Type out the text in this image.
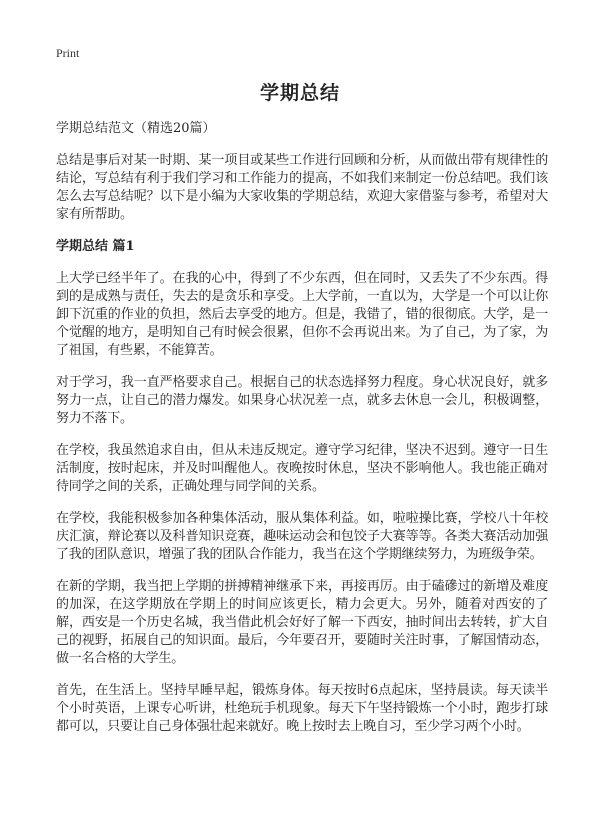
Print
学期总结

学期总结范文（精选20篇）

总结是事后对某一时期、某一项目或某些工作进行回顾和分析，从而做出带有规律性的结论，写总结有利于我们学习和工作能力的提高，不如我们来制定一份总结吧。我们该怎么去写总结呢？以下是小编为大家收集的学期总结，欢迎大家借鉴与参考，希望对大家有所帮助。

学期总结 篇1

上大学已经半年了。在我的心中，得到了不少东西，但在同时，又丢失了不少东西。得到的是成熟与责任，失去的是贪乐和享受。上大学前，一直以为，大学是一个可以让你卸下沉重的作业的负担，然后去享受的地方。但是，我错了，错的很彻底。大学，是一个觉醒的地方，是明知自己有时候会很累，但你不会再说出来。为了自己，为了家，为了祖国，有些累，不能算苦。

对于学习，我一直严格要求自己。根据自己的状态选择努力程度。身心状况良好，就多努力一点，让自己的潜力爆发。如果身心状况差一点，就多去休息一会儿，积极调整，努力不落下。

在学校，我虽然追求自由，但从未违反规定。遵守学习纪律，坚决不迟到。遵守一日生活制度，按时起床，并及时叫醒他人。夜晚按时休息，坚决不影响他人。我也能正确对待同学之间的关系，正确处理与同学间的关系。

在学校，我能积极参加各种集体活动，服从集体利益。如，啦啦操比赛，学校八十年校庆汇演，辩论赛以及科普知识竞赛，趣味运动会和包饺子大赛等等。各类大赛活动加强了我的团队意识，增强了我的团队合作能力，我当在这个学期继续努力，为班级争荣。

在新的学期，我当把上学期的拼搏精神继承下来，再接再厉。由于磕磣过的新增及难度的加深，在这学期放在学期上的时间应该更长，精力会更大。另外，随着对西安的了解，西安是一个历史名城，我当借此机会好好了解一下西安，抽时间出去转转，扩大自己的视野，拓展自己的知识面。最后，今年要召开，要随时关注时事，了解国情动态，做一名合格的大学生。

首先，在生活上。坚持早睡早起，锻炼身体。每天按时6点起床，坚持晨读。每天读半个小时英语，上课专心听讲，杜绝玩手机现象。每天下午坚持锻炼一个小时，跑步打球都可以，只要让自己身体强壮起来就好。晚上按时去上晚自习，至少学习两个小时。
